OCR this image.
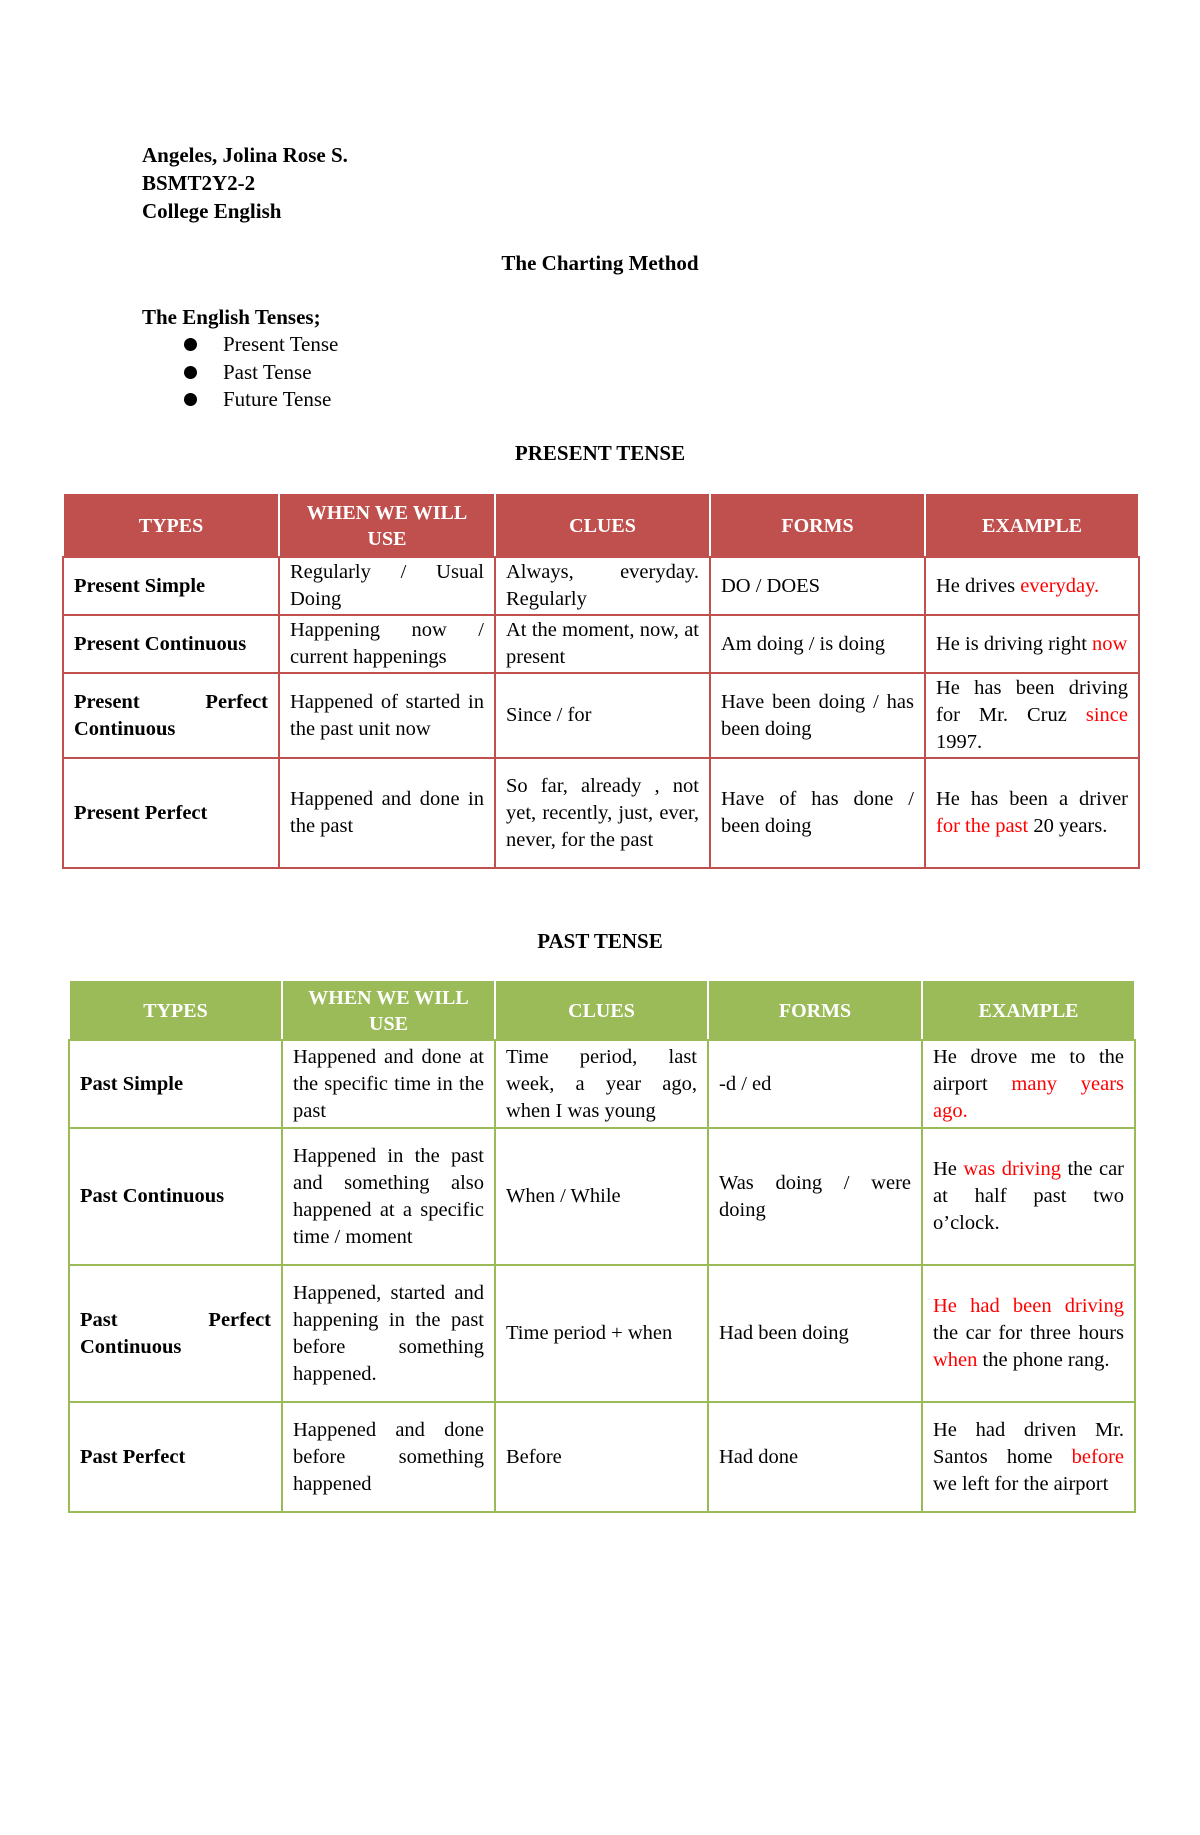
Angeles, Jolina Rose S.
BSMT2Y2-2
College English
The Charting Method
The English Tenses;
Present Tense
Past Tense
Future Tense
PRESENT TENSE
TYPES	WHEN WE WILL USE	CLUES	FORMS	EXAMPLE
Present Simple	Regularly / Usual Doing	Always, everyday. Regularly	DO / DOES	He drives everyday.
Present Continuous	Happening now / current happenings	At the moment, now, at present	Am doing / is doing	He is driving right now
Present Perfect Continuous	Happened of started in the past unit now	Since / for	Have been doing / has been doing	He has been driving for Mr. Cruz since 1997.
Present Perfect	Happened and done in the past	So far, already , not yet, recently, just, ever, never, for the past	Have of has done / been doing	He has been a driver for the past 20 years.
PAST TENSE
TYPES	WHEN WE WILL USE	CLUES	FORMS	EXAMPLE
Past Simple	Happened and done at the specific time in the past	Time period, last week, a year ago, when I was young	-d / ed	He drove me to the airport many years ago.
Past Continuous	Happened in the past and something also happened at a specific time / moment	When / While	Was doing / were doing	He was driving the car at half past two o’clock.
Past Perfect Continuous	Happened, started and happening in the past before something happened.	Time period + when	Had been doing	He had been driving the car for three hours when the phone rang.
Past Perfect	Happened and done before something happened	Before	Had done	He had driven Mr. Santos home before we left for the airport
